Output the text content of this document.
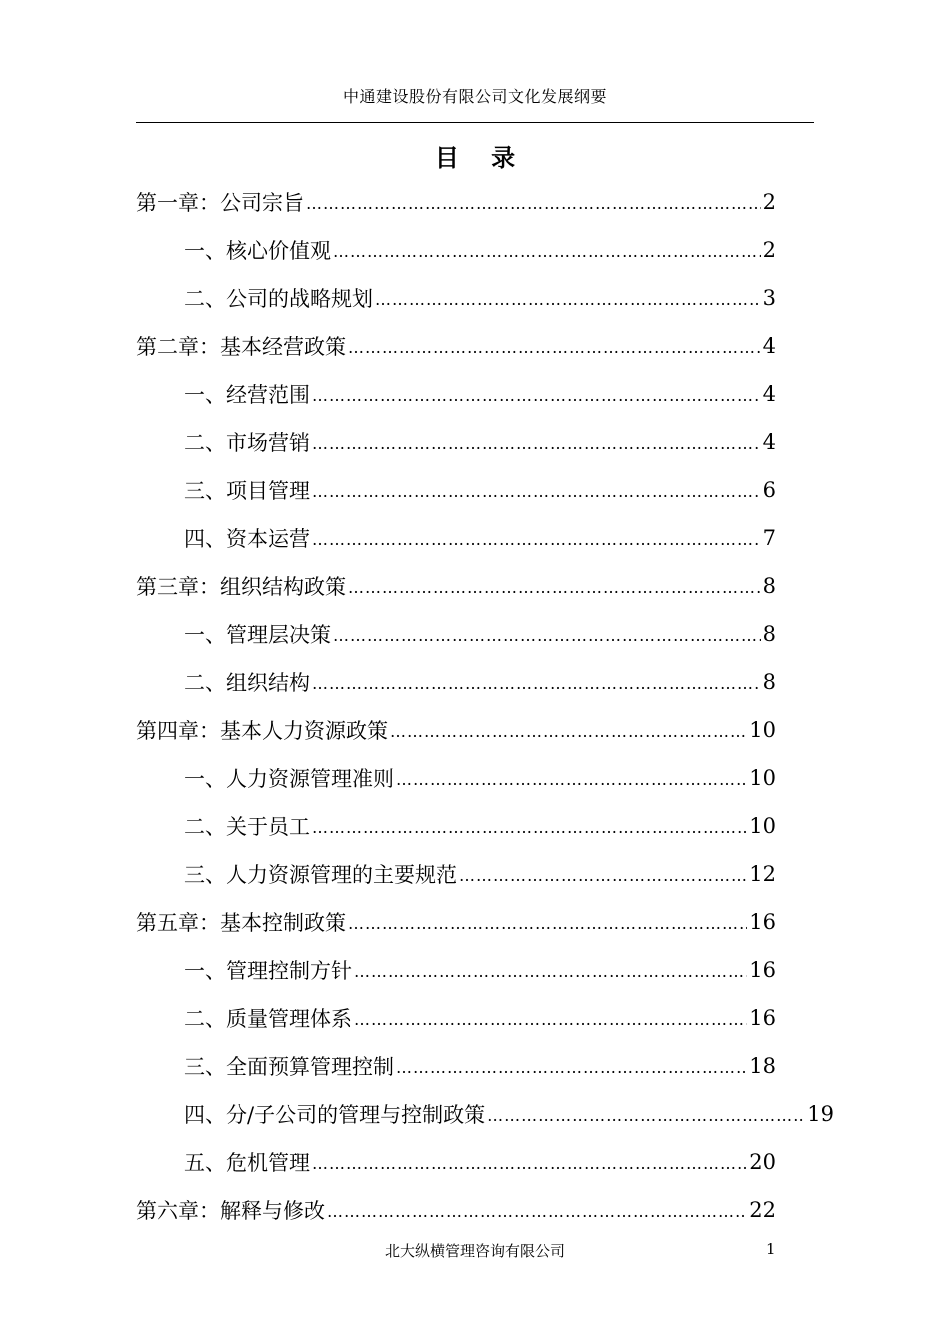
中通建设股份有限公司文化发展纲要
目 录
第一章：公司宗旨 ……………………………………………………………………………………………………………………………………………………………………	2
一、核心价值观 ……………………………………………………………………………………………………………………………………………………………………	2
二、公司的战略规划 ……………………………………………………………………………………………………………………………………………………………………	3
第二章：基本经营政策 ……………………………………………………………………………………………………………………………………………………………………	4
一、经营范围 ……………………………………………………………………………………………………………………………………………………………………	4
二、市场营销 ……………………………………………………………………………………………………………………………………………………………………	4
三、项目管理 ……………………………………………………………………………………………………………………………………………………………………	6
四、资本运营 ……………………………………………………………………………………………………………………………………………………………………	7
第三章：组织结构政策 ……………………………………………………………………………………………………………………………………………………………………	8
一、管理层决策 ……………………………………………………………………………………………………………………………………………………………………	8
二、组织结构 ……………………………………………………………………………………………………………………………………………………………………	8
第四章：基本人力资源政策 ……………………………………………………………………………………………………………………………………………………………………	10
一、人力资源管理准则 ……………………………………………………………………………………………………………………………………………………………………	10
二、关于员工 ……………………………………………………………………………………………………………………………………………………………………	10
三、人力资源管理的主要规范 ……………………………………………………………………………………………………………………………………………………………………	12
第五章：基本控制政策 ……………………………………………………………………………………………………………………………………………………………………	16
一、管理控制方针 ……………………………………………………………………………………………………………………………………………………………………	16
二、质量管理体系 ……………………………………………………………………………………………………………………………………………………………………	16
三、全面预算管理控制 ……………………………………………………………………………………………………………………………………………………………………	18
四、分/子公司的管理与控制政策 ……………………………………………………………………………………………………………………………………………………………………	19
五、危机管理 ……………………………………………………………………………………………………………………………………………………………………	20
第六章：解释与修改 ……………………………………………………………………………………………………………………………………………………………………	22
北大纵横管理咨询有限公司	1
